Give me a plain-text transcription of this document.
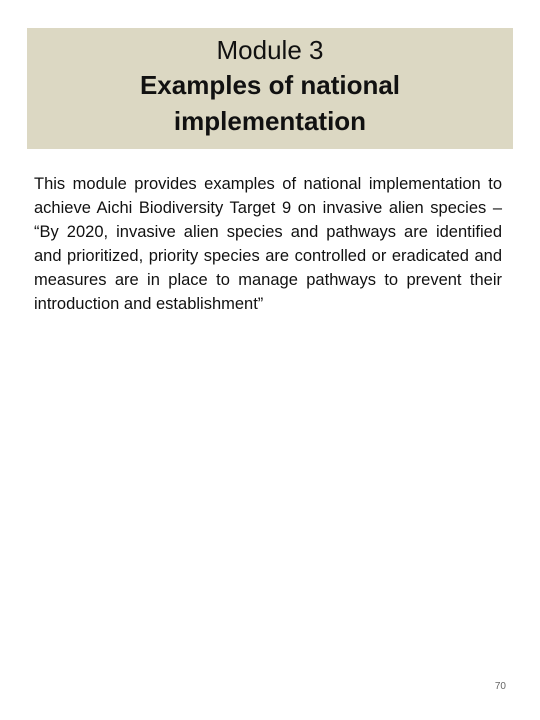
Module 3
Examples of national
implementation

This module provides examples of national implementation to achieve Aichi Biodiversity Target 9 on invasive alien species – “By 2020, invasive alien species and pathways are identified and prioritized, priority species are controlled or eradicated and measures are in place to manage pathways to prevent their introduction and establishment”

70
